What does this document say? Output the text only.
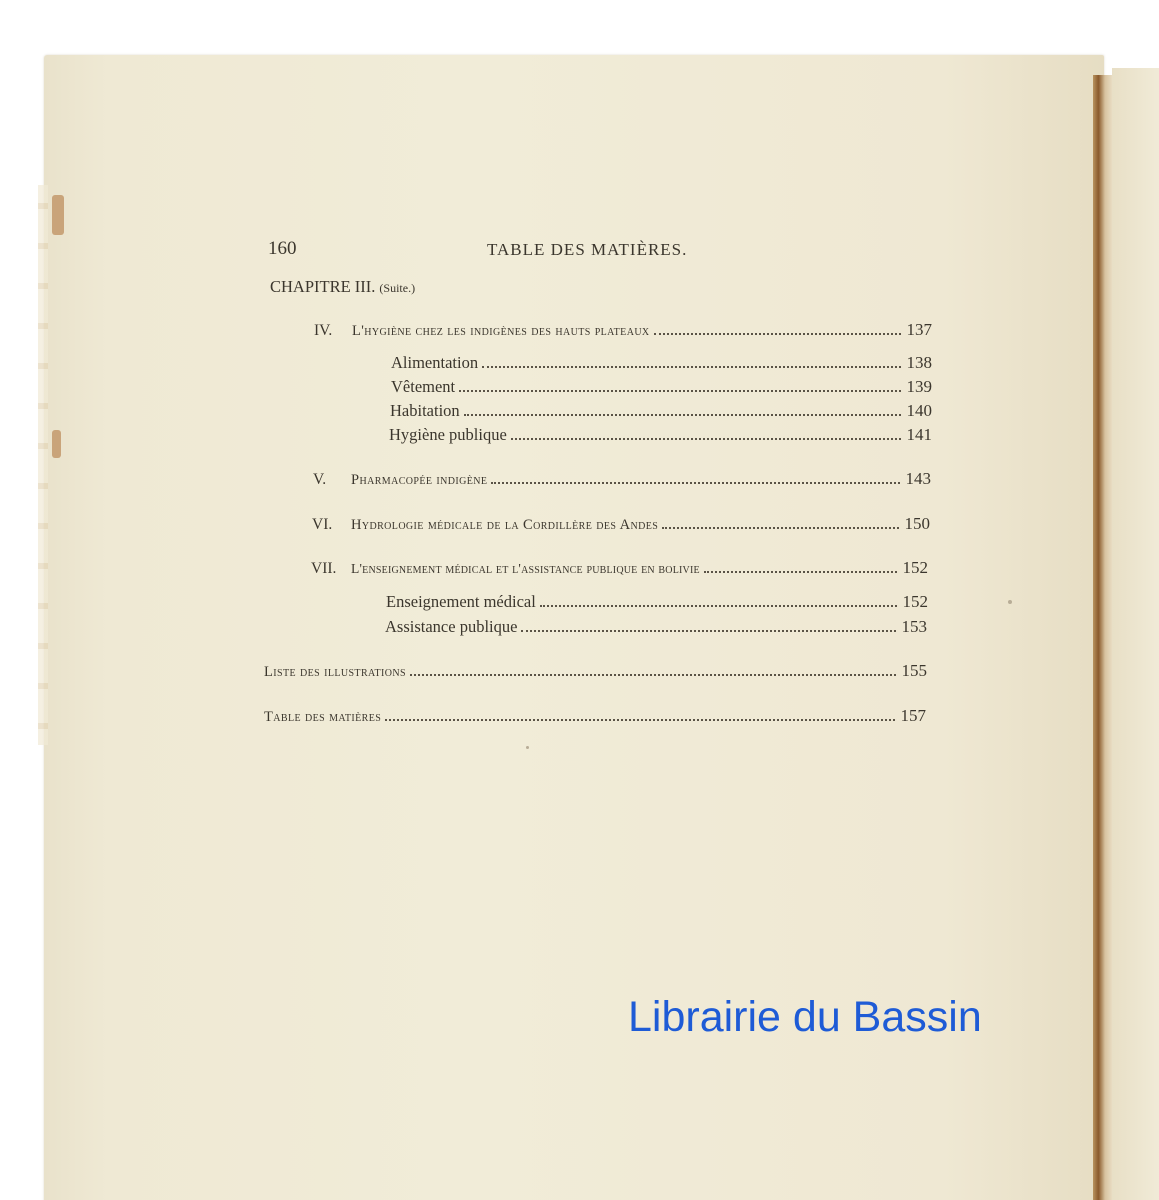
160	TABLE DES MATIÈRES.
CHAPITRE III. (Suite.)
IV.	L'hygiène chez les indigènes des hauts plateaux	137
Alimentation	138
Vêtement	139
Habitation	140
Hygiène publique	141
V.	Pharmacopée indigène	143
VI.	Hydrologie médicale de la Cordillère des Andes	150
VII.	L'enseignement médical et l'assistance publique en bolivie	152
Enseignement médical	152
Assistance publique	153
Liste des illustrations	155
Table des matières	157
Librairie du Bassin
